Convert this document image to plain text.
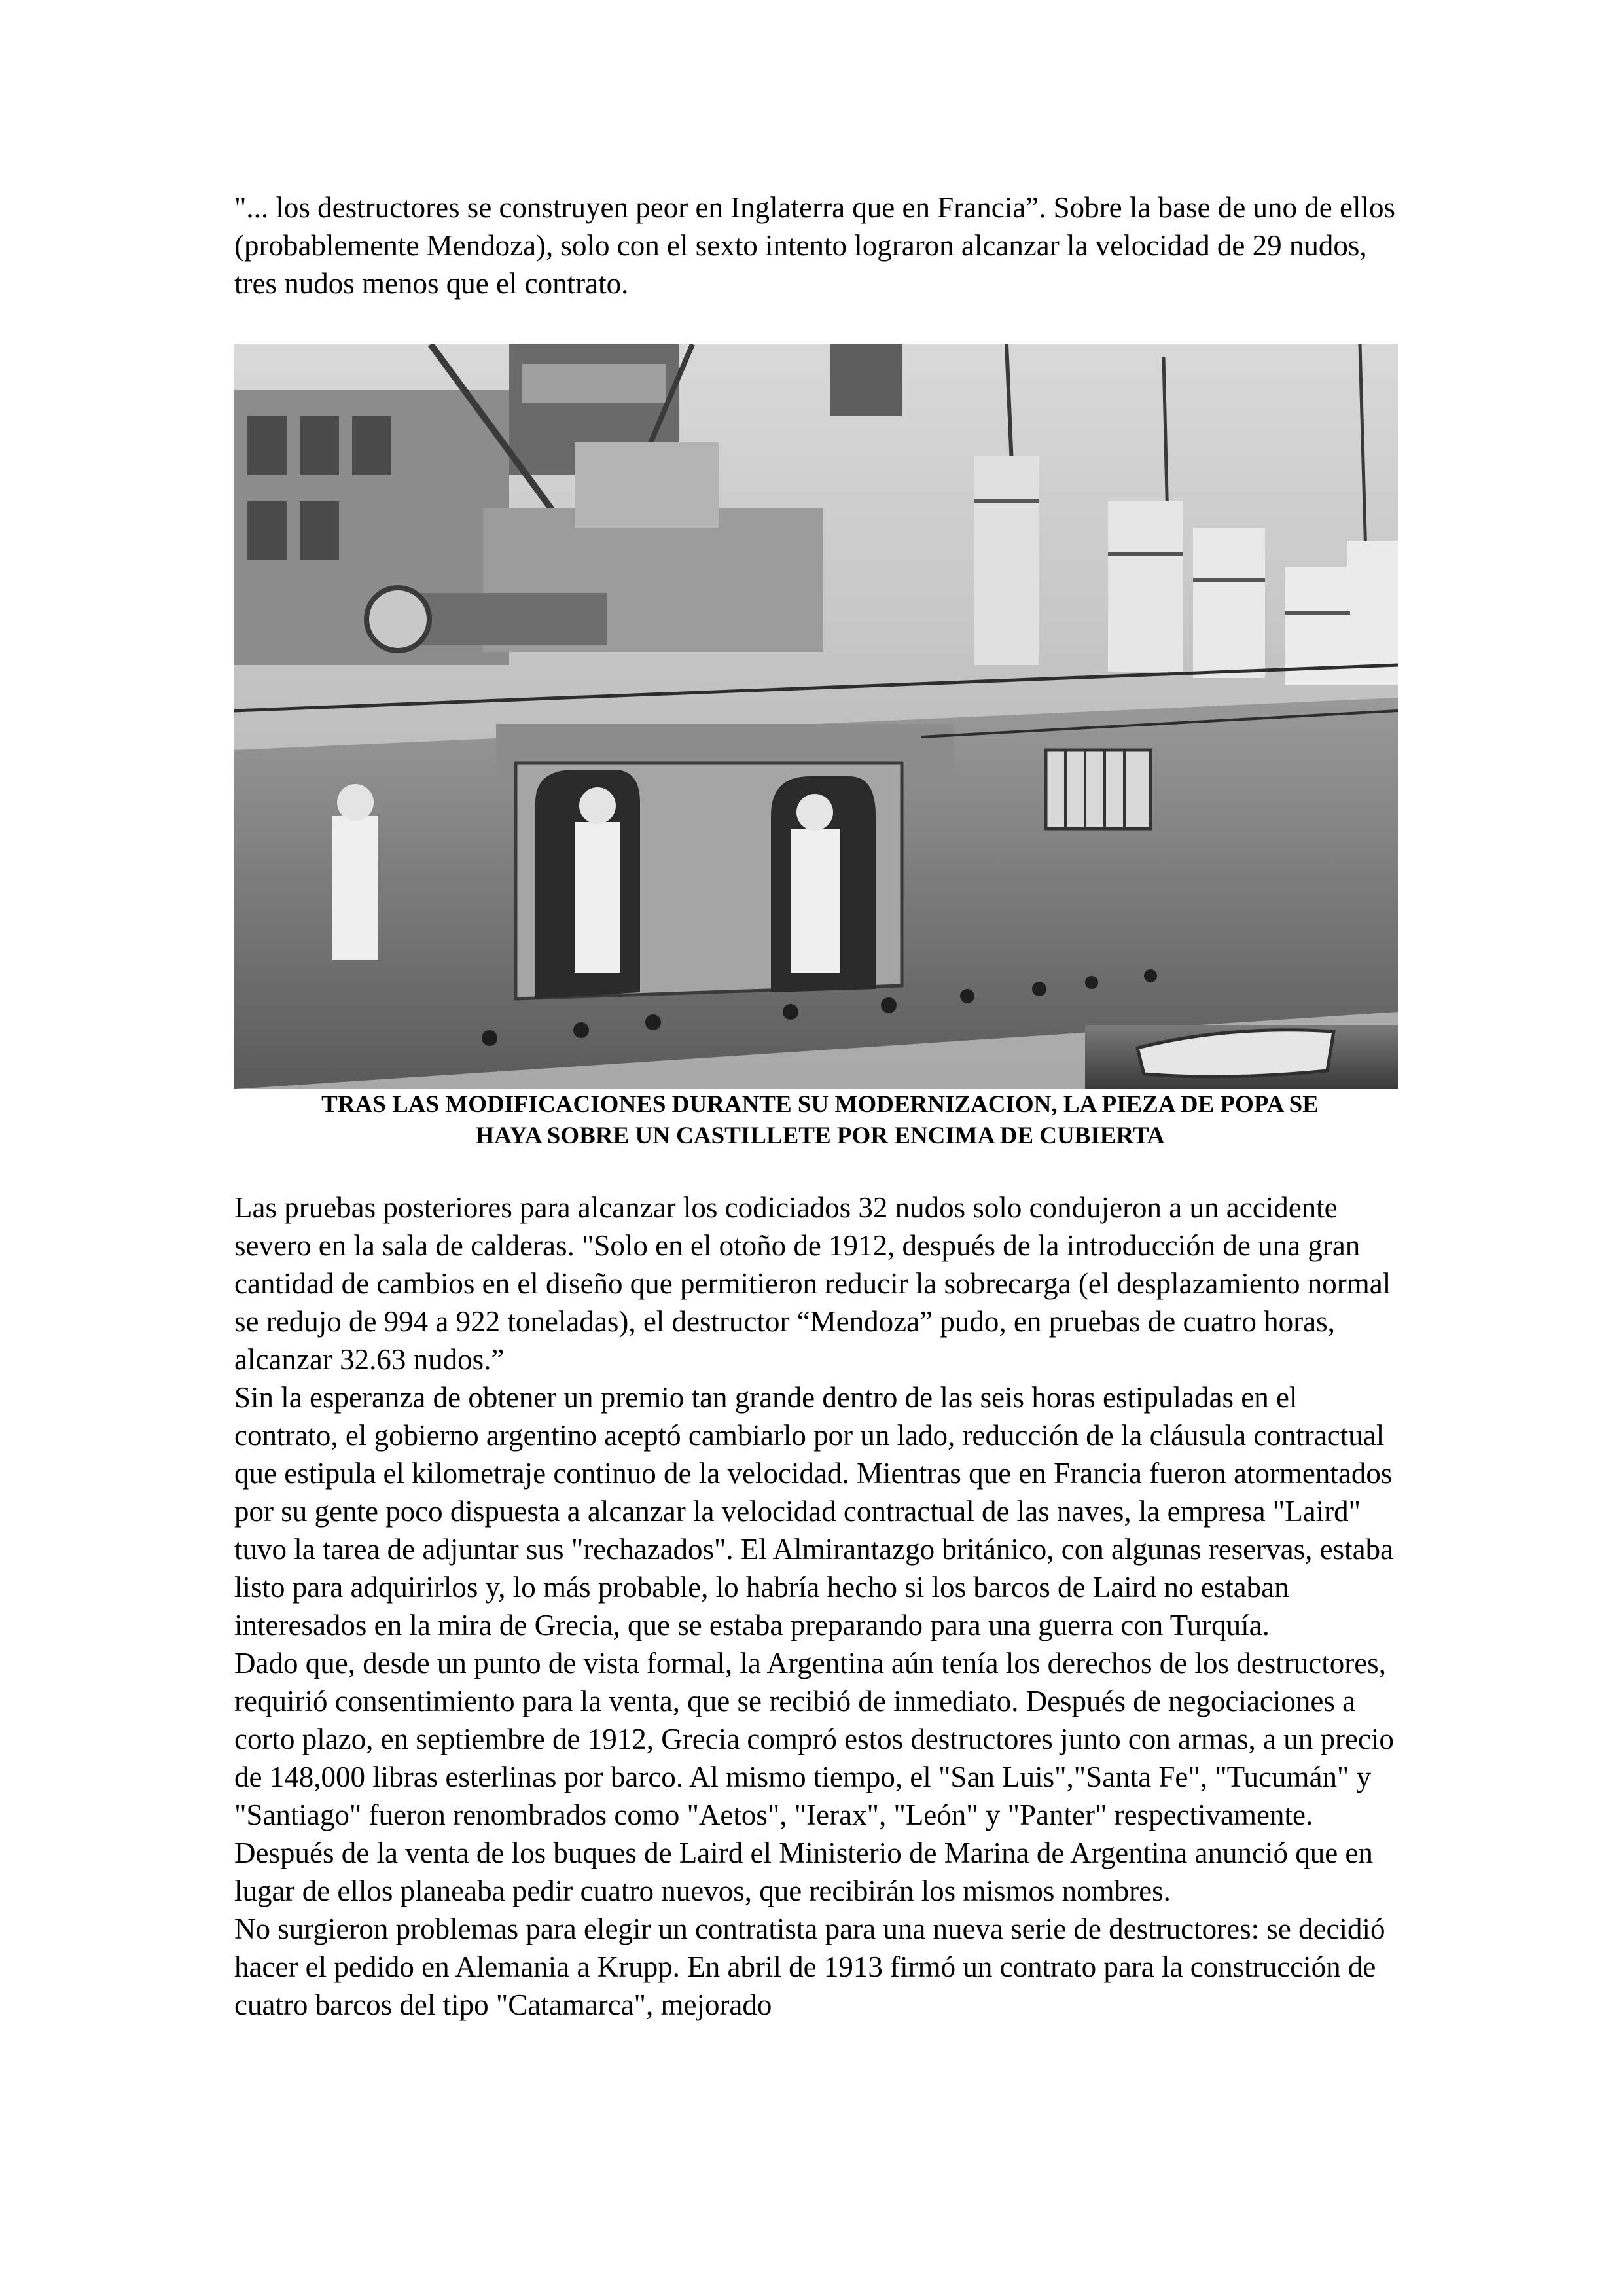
"... los destructores se construyen peor en Inglaterra que en Francia”. Sobre la base de uno de ellos (probablemente Mendoza), solo con el sexto intento lograron alcanzar la velocidad de 29 nudos, tres nudos menos que el contrato.

TRAS LAS MODIFICACIONES DURANTE SU MODERNIZACION, LA PIEZA DE POPA SE
HAYA SOBRE UN CASTILLETE POR ENCIMA DE CUBIERTA

Las pruebas posteriores para alcanzar los codiciados 32 nudos solo condujeron a un accidente severo en la sala de calderas. "Solo en el otoño de 1912, después de la introducción de una gran cantidad de cambios en el diseño que permitieron reducir la sobrecarga (el desplazamiento normal se redujo de 994 a 922 toneladas), el destructor “Mendoza” pudo, en pruebas de cuatro horas, alcanzar 32.63 nudos.”

Sin la esperanza de obtener un premio tan grande dentro de las seis horas estipuladas en el contrato, el gobierno argentino aceptó cambiarlo por un lado, reducción de la cláusula contractual que estipula el kilometraje continuo de la velocidad. Mientras que en Francia fueron atormentados por su gente poco dispuesta a alcanzar la velocidad contractual de las naves, la empresa "Laird" tuvo la tarea de adjuntar sus "rechazados". El Almirantazgo británico, con algunas reservas, estaba listo para adquirirlos y, lo más probable, lo habría hecho si los barcos de Laird no estaban interesados en la mira de Grecia, que se estaba preparando para una guerra con Turquía.

Dado que, desde un punto de vista formal, la Argentina aún tenía los derechos de los destructores, requirió consentimiento para la venta, que se recibió de inmediato. Después de negociaciones a corto plazo, en septiembre de 1912, Grecia compró estos destructores junto con armas, a un precio de 148,000 libras esterlinas por barco. Al mismo tiempo, el "San Luis","Santa Fe", "Tucumán" y "Santiago" fueron renombrados como "Aetos", "Ierax", "León" y "Panter" respectivamente. Después de la venta de los buques de Laird el Ministerio de Marina de Argentina anunció que en lugar de ellos planeaba pedir cuatro nuevos, que recibirán los mismos nombres.

No surgieron problemas para elegir un contratista para una nueva serie de destructores: se decidió hacer el pedido en Alemania a Krupp. En abril de 1913 firmó un contrato para la construcción de cuatro barcos del tipo "Catamarca", mejorado
